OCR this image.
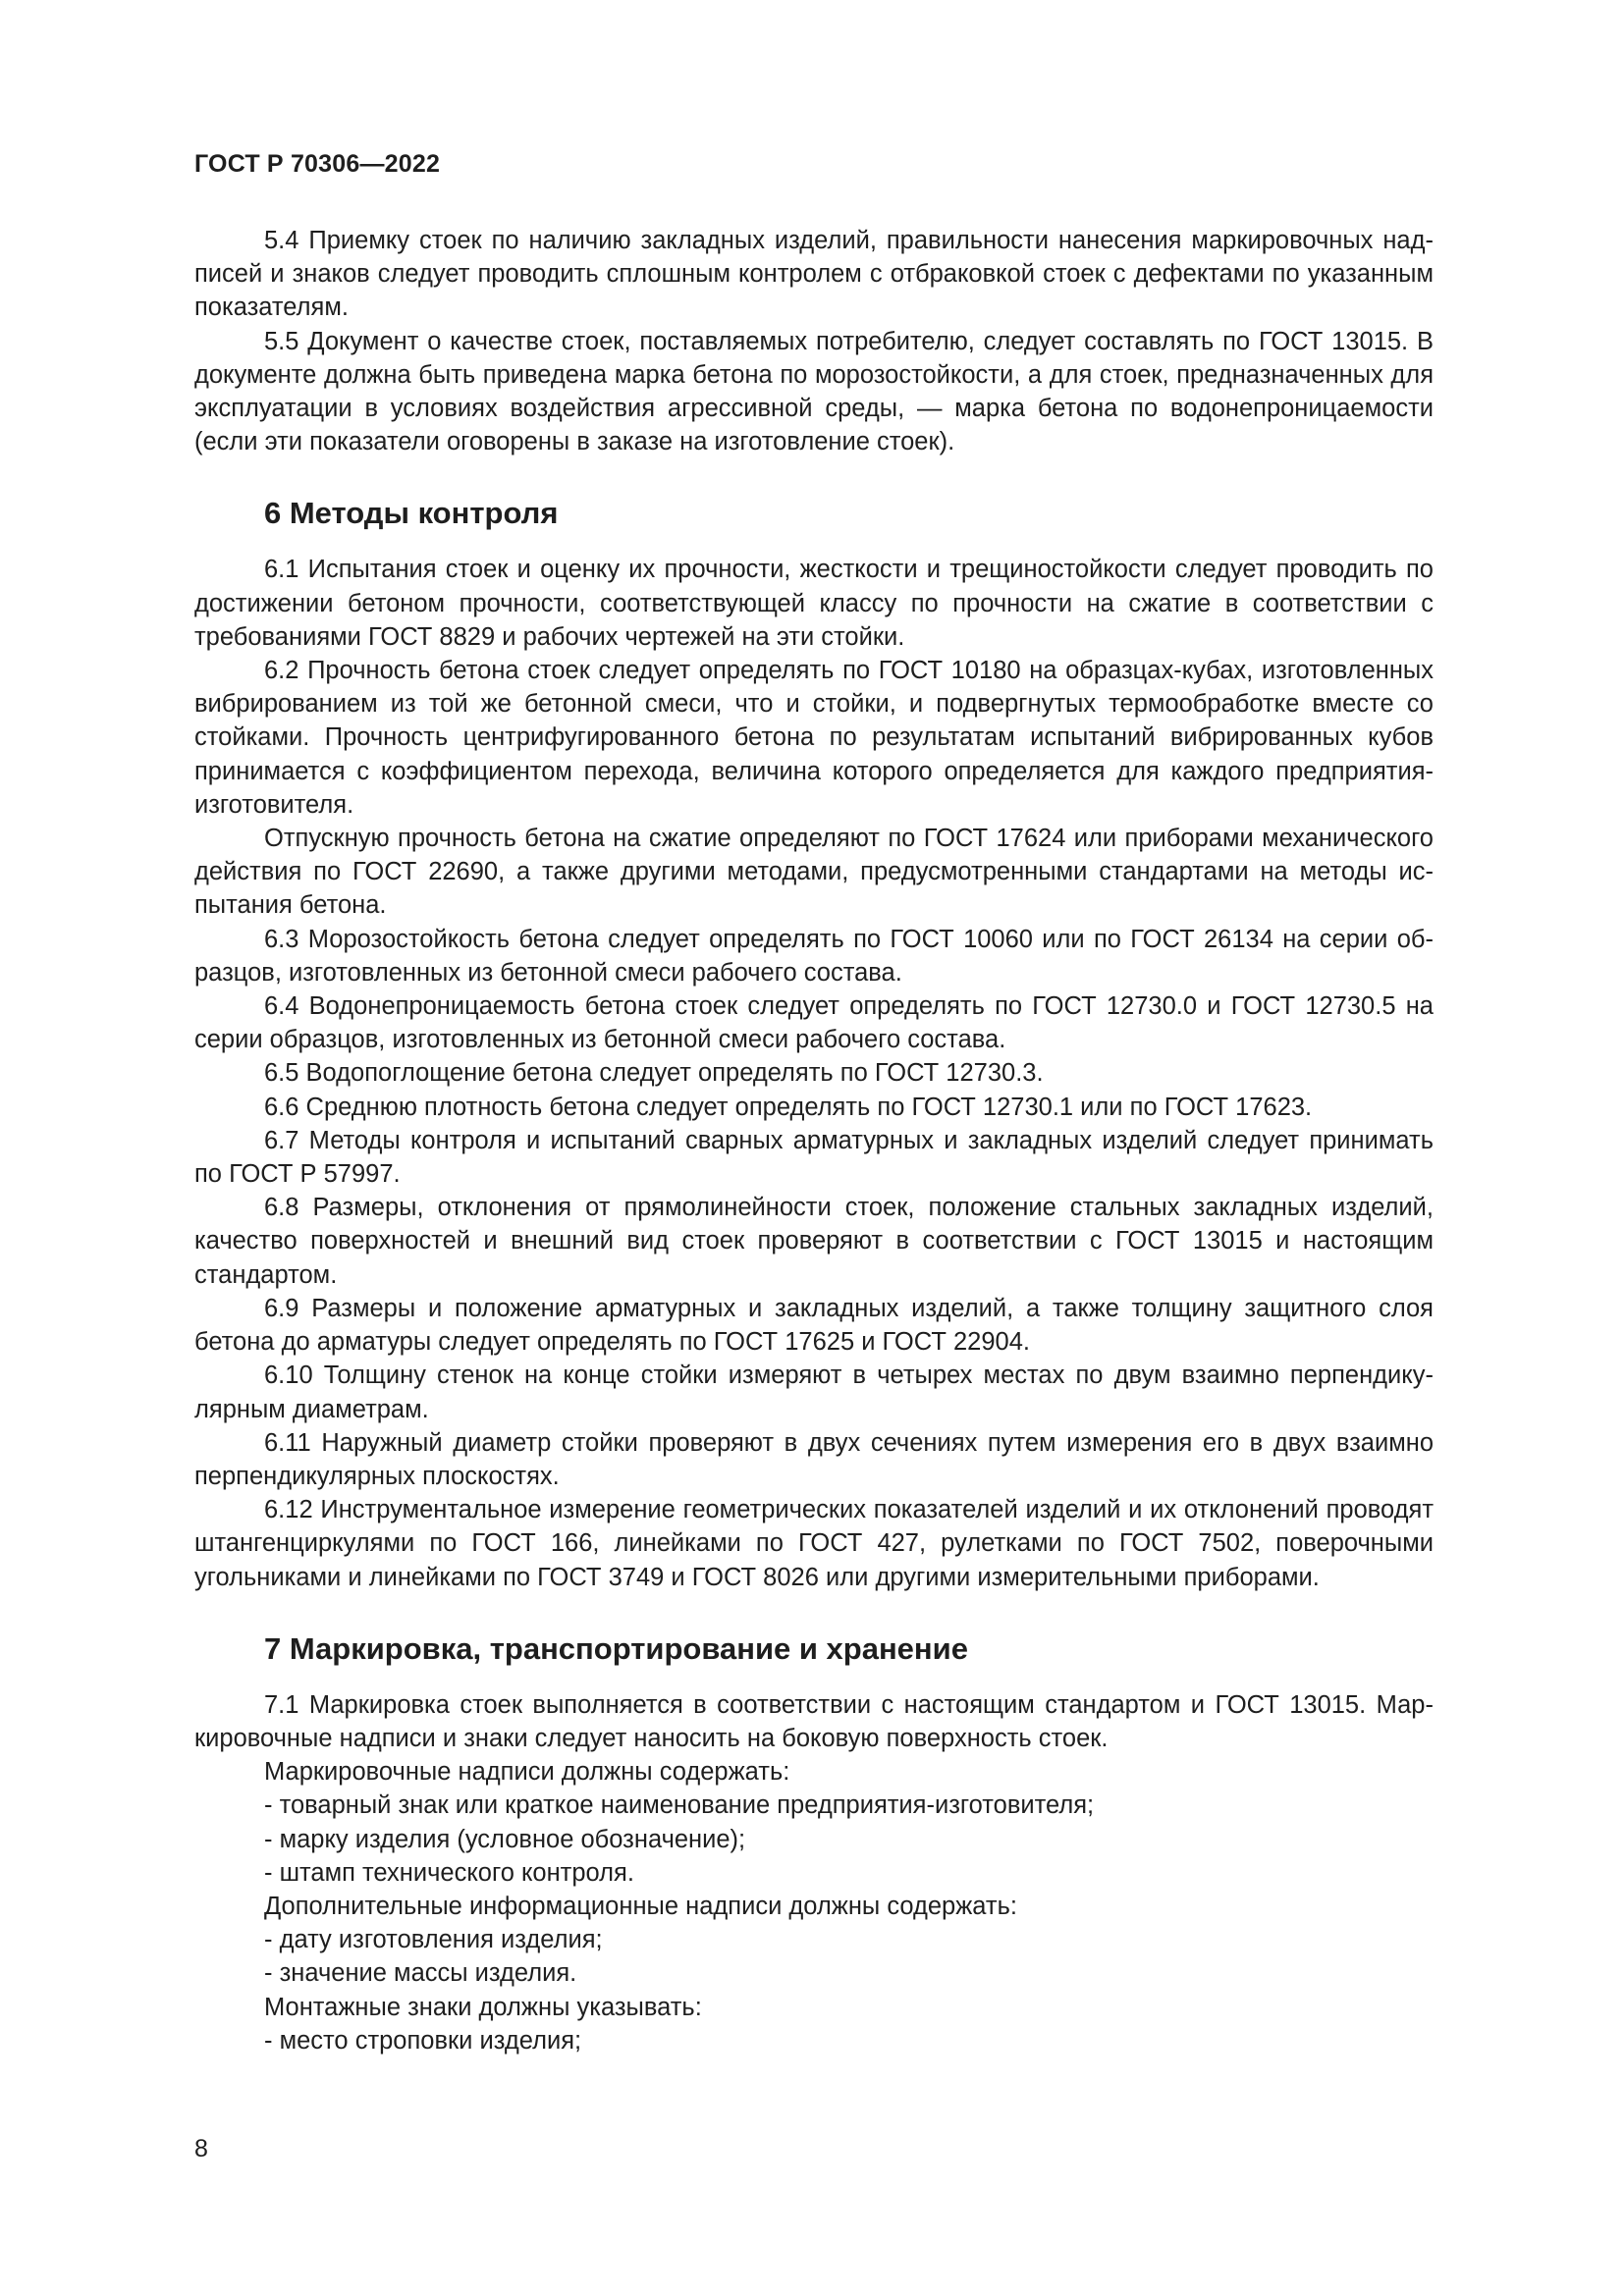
ГОСТ Р 70306—2022

5.4 Приемку стоек по наличию закладных изделий, правильности нанесения маркировочных надписей и знаков следует проводить сплошным контролем с отбраковкой стоек с дефектами по указанным показателям.

5.5 Документ о качестве стоек, поставляемых потребителю, следует составлять по ГОСТ 13015. В документе должна быть приведена марка бетона по морозостойкости, а для стоек, предназначенных для эксплуатации в условиях воздействия агрессивной среды, — марка бетона по водонепроницаемости (если эти показатели оговорены в заказе на изготовление стоек).

6 Методы контроля

6.1 Испытания стоек и оценку их прочности, жесткости и трещиностойкости следует проводить по достижении бетоном прочности, соответствующей классу по прочности на сжатие в соответствии с требованиями ГОСТ 8829 и рабочих чертежей на эти стойки.

6.2 Прочность бетона стоек следует определять по ГОСТ 10180 на образцах-кубах, изготовленных вибрированием из той же бетонной смеси, что и стойки, и подвергнутых термообработке вместе со стойками. Прочность центрифугированного бетона по результатам испытаний вибрированных кубов принимается с коэффициентом перехода, величина которого определяется для каждого предприятия-изготовителя.

Отпускную прочность бетона на сжатие определяют по ГОСТ 17624 или приборами механического действия по ГОСТ 22690, а также другими методами, предусмотренными стандартами на методы испытания бетона.

6.3 Морозостойкость бетона следует определять по ГОСТ 10060 или по ГОСТ 26134 на серии образцов, изготовленных из бетонной смеси рабочего состава.

6.4 Водонепроницаемость бетона стоек следует определять по ГОСТ 12730.0 и ГОСТ 12730.5 на серии образцов, изготовленных из бетонной смеси рабочего состава.

6.5 Водопоглощение бетона следует определять по ГОСТ 12730.3.

6.6 Среднюю плотность бетона следует определять по ГОСТ 12730.1 или по ГОСТ 17623.

6.7 Методы контроля и испытаний сварных арматурных и закладных изделий следует принимать по ГОСТ Р 57997.

6.8 Размеры, отклонения от прямолинейности стоек, положение стальных закладных изделий, качество поверхностей и внешний вид стоек проверяют в соответствии с ГОСТ 13015 и настоящим стандартом.

6.9 Размеры и положение арматурных и закладных изделий, а также толщину защитного слоя бетона до арматуры следует определять по ГОСТ 17625 и ГОСТ 22904.

6.10 Толщину стенок на конце стойки измеряют в четырех местах по двум взаимно перпендикулярным диаметрам.

6.11 Наружный диаметр стойки проверяют в двух сечениях путем измерения его в двух взаимно перпендикулярных плоскостях.

6.12 Инструментальное измерение геометрических показателей изделий и их отклонений проводят штангенциркулями по ГОСТ 166, линейками по ГОСТ 427, рулетками по ГОСТ 7502, поверочными угольниками и линейками по ГОСТ 3749 и ГОСТ 8026 или другими измерительными приборами.

7 Маркировка, транспортирование и хранение

7.1 Маркировка стоек выполняется в соответствии с настоящим стандартом и ГОСТ 13015. Маркировочные надписи и знаки следует наносить на боковую поверхность стоек.

Маркировочные надписи должны содержать:

- товарный знак или краткое наименование предприятия-изготовителя;

- марку изделия (условное обозначение);

- штамп технического контроля.

Дополнительные информационные надписи должны содержать:

- дату изготовления изделия;

- значение массы изделия.

Монтажные знаки должны указывать:

- место строповки изделия;

8
